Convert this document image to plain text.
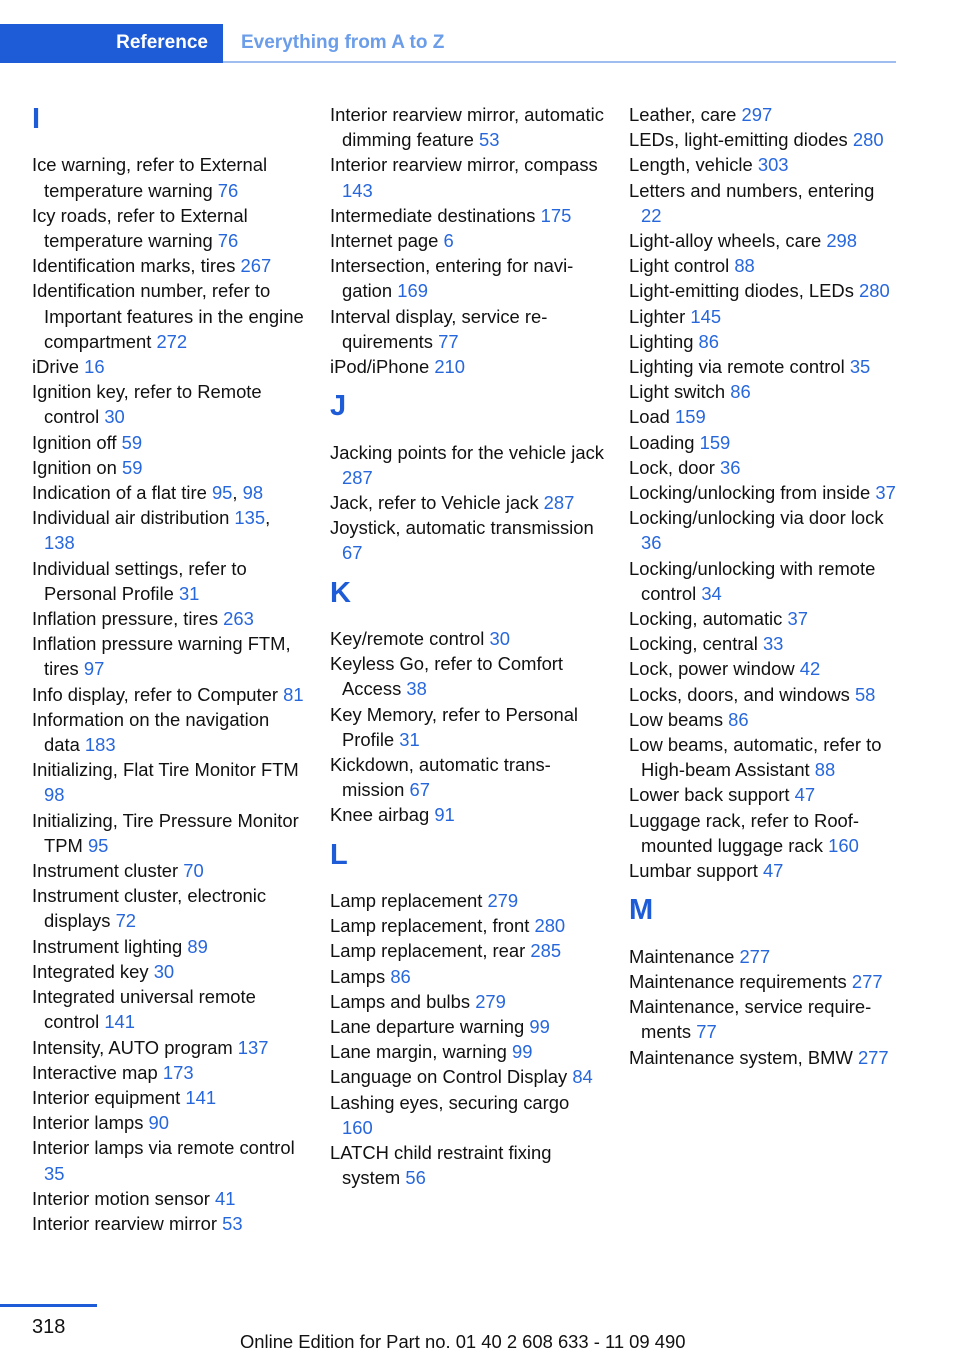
Reference	Everything from A to Z
I
Ice warning, refer to External temperature warning 76
Icy roads, refer to External temperature warning 76
Identification marks, tires 267
Identification number, refer to Important features in the engine compartment 272
iDrive 16
Ignition key, refer to Remote control 30
Ignition off 59
Ignition on 59
Indication of a flat tire 95, 98
Individual air distribution 135, 138
Individual settings, refer to Personal Profile 31
Inflation pressure, tires 263
Inflation pressure warning FTM, tires 97
Info display, refer to Computer 81
Information on the navigation data 183
Initializing, Flat Tire Monitor FTM 98
Initializing, Tire Pressure Monitor TPM 95
Instrument cluster 70
Instrument cluster, electronic displays 72
Instrument lighting 89
Integrated key 30
Integrated universal remote control 141
Intensity, AUTO program 137
Interactive map 173
Interior equipment 141
Interior lamps 90
Interior lamps via remote control 35
Interior motion sensor 41
Interior rearview mirror 53
Interior rearview mirror, automatic dimming feature 53
Interior rearview mirror, compass 143
Intermediate destinations 175
Internet page 6
Intersection, entering for navigation 169
Interval display, service requirements 77
iPod/iPhone 210
J
Jacking points for the vehicle jack 287
Jack, refer to Vehicle jack 287
Joystick, automatic transmission 67
K
Key/remote control 30
Keyless Go, refer to Comfort Access 38
Key Memory, refer to Personal Profile 31
Kickdown, automatic transmission 67
Knee airbag 91
L
Lamp replacement 279
Lamp replacement, front 280
Lamp replacement, rear 285
Lamps 86
Lamps and bulbs 279
Lane departure warning 99
Lane margin, warning 99
Language on Control Display 84
Lashing eyes, securing cargo 160
LATCH child restraint fixing system 56
Leather, care 297
LEDs, light-emitting diodes 280
Length, vehicle 303
Letters and numbers, entering 22
Light-alloy wheels, care 298
Light control 88
Light-emitting diodes, LEDs 280
Lighter 145
Lighting 86
Lighting via remote control 35
Light switch 86
Load 159
Loading 159
Lock, door 36
Locking/unlocking from inside 37
Locking/unlocking via door lock 36
Locking/unlocking with remote control 34
Locking, automatic 37
Locking, central 33
Lock, power window 42
Locks, doors, and windows 58
Low beams 86
Low beams, automatic, refer to High-beam Assistant 88
Lower back support 47
Luggage rack, refer to Roof-mounted luggage rack 160
Lumbar support 47
M
Maintenance 277
Maintenance requirements 277
Maintenance, service requirements 77
Maintenance system, BMW 277
318
Online Edition for Part no. 01 40 2 608 633 - 11 09 490
